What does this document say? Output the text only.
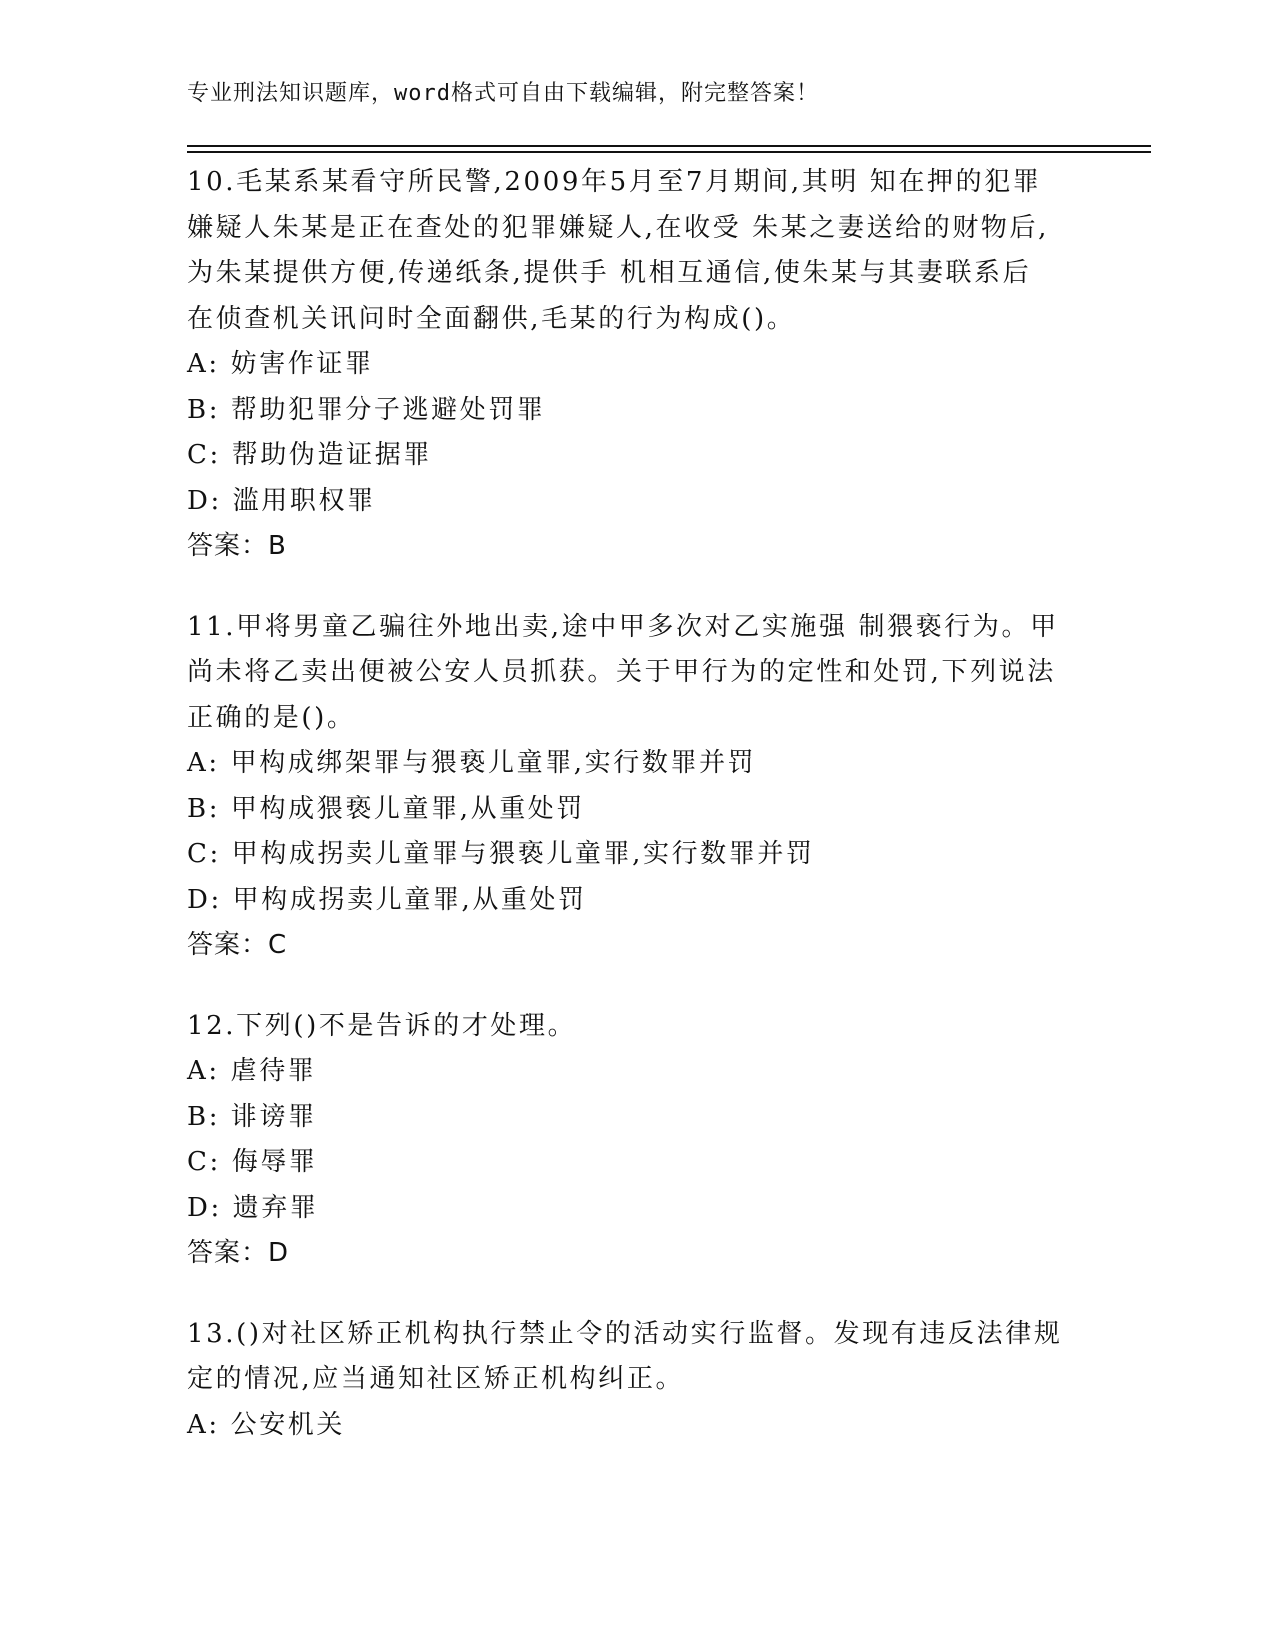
专业刑法知识题库，word格式可自由下载编辑，附完整答案！
10.毛某系某看守所民警,2009年5月至7月期间,其明 知在押的犯罪
嫌疑人朱某是正在查处的犯罪嫌疑人,在收受 朱某之妻送给的财物后,
为朱某提供方便,传递纸条,提供手 机相互通信,使朱某与其妻联系后
在侦查机关讯问时全面翻供,毛某的行为构成()。
A: 妨害作证罪
B: 帮助犯罪分子逃避处罚罪
C: 帮助伪造证据罪
D: 滥用职权罪
答案：B
11.甲将男童乙骗往外地出卖,途中甲多次对乙实施强 制猥亵行为。甲
尚未将乙卖出便被公安人员抓获。关于甲行为的定性和处罚,下列说法
正确的是()。
A: 甲构成绑架罪与猥亵儿童罪,实行数罪并罚
B: 甲构成猥亵儿童罪,从重处罚
C: 甲构成拐卖儿童罪与猥亵儿童罪,实行数罪并罚
D: 甲构成拐卖儿童罪,从重处罚
答案：C
12.下列()不是告诉的才处理。
A: 虐待罪
B: 诽谤罪
C: 侮辱罪
D: 遗弃罪
答案：D
13.()对社区矫正机构执行禁止令的活动实行监督。发现有违反法律规
定的情况,应当通知社区矫正机构纠正。
A: 公安机关
